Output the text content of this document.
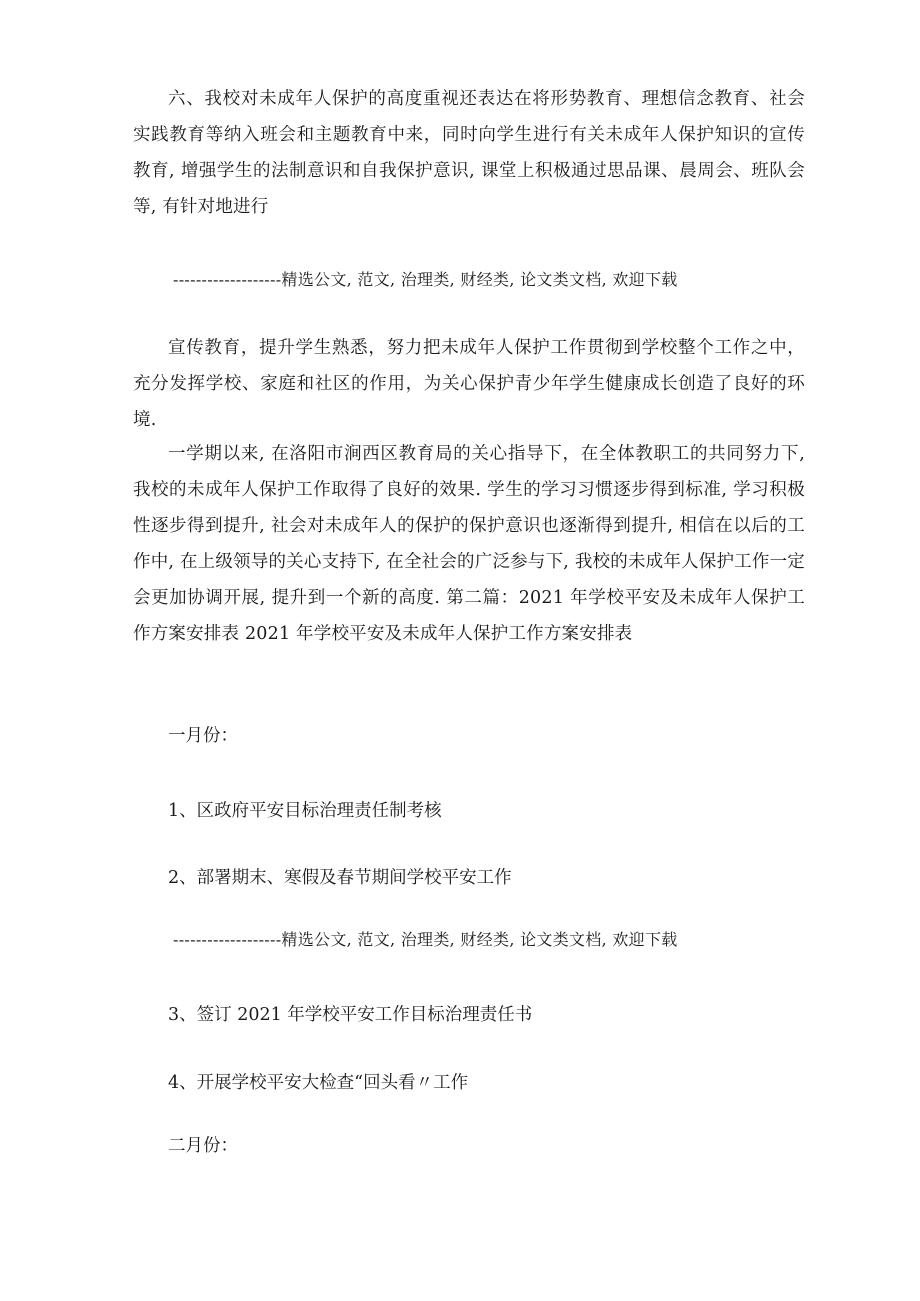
六、我校对未成年人保护的高度重视还表达在将形势教育、理想信念教育、社会实践教育等纳入班会和主题教育中来，同时向学生进行有关未成年人保护知识的宣传教育, 增强学生的法制意识和自我保护意识, 课堂上积极通过思品课、晨周会、班队会等, 有针对地进行

-------------------精选公文, 范文, 治理类, 财经类, 论文类文档, 欢迎下载

宣传教育，提升学生熟悉，努力把未成年人保护工作贯彻到学校整个工作之中，充分发挥学校、家庭和社区的作用，为关心保护青少年学生健康成长创造了良好的环境.

一学期以来, 在洛阳市涧西区教育局的关心指导下，在全体教职工的共同努力下, 我校的未成年人保护工作取得了良好的效果. 学生的学习习惯逐步得到标准, 学习积极性逐步得到提升, 社会对未成年人的保护的保护意识也逐渐得到提升, 相信在以后的工作中, 在上级领导的关心支持下, 在全社会的广泛参与下, 我校的未成年人保护工作一定会更加协调开展, 提升到一个新的高度. 第二篇：2021 年学校平安及未成年人保护工作方案安排表 2021 年学校平安及未成年人保护工作方案安排表

一月份：

1、区政府平安目标治理责任制考核

2、部署期末、寒假及春节期间学校平安工作

-------------------精选公文, 范文, 治理类, 财经类, 论文类文档, 欢迎下载

3、签订 2021 年学校平安工作目标治理责任书

4、开展学校平安大检查“回头看〃工作

二月份：
